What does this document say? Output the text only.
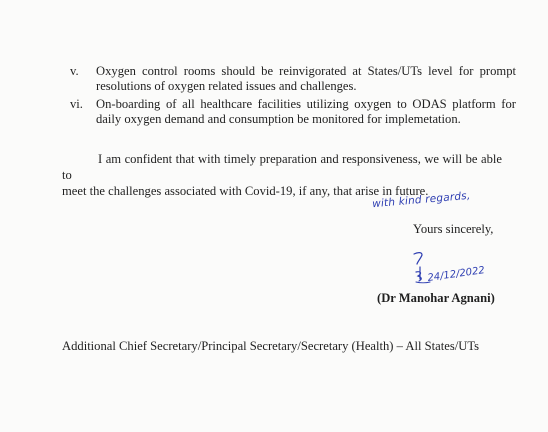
v. Oxygen control rooms should be reinvigorated at States/UTs level for prompt resolutions of oxygen related issues and challenges.
vi. On-boarding of all healthcare facilities utilizing oxygen to ODAS platform for daily oxygen demand and consumption be monitored for implemetation.
I am confident that with timely preparation and responsiveness, we will be able to
meet the challenges associated with Covid-19, if any, that arise in future.
with kind regards,
Yours sincerely,
24/12/2022
(Dr Manohar Agnani)
Additional Chief Secretary/Principal Secretary/Secretary (Health) – All States/UTs
